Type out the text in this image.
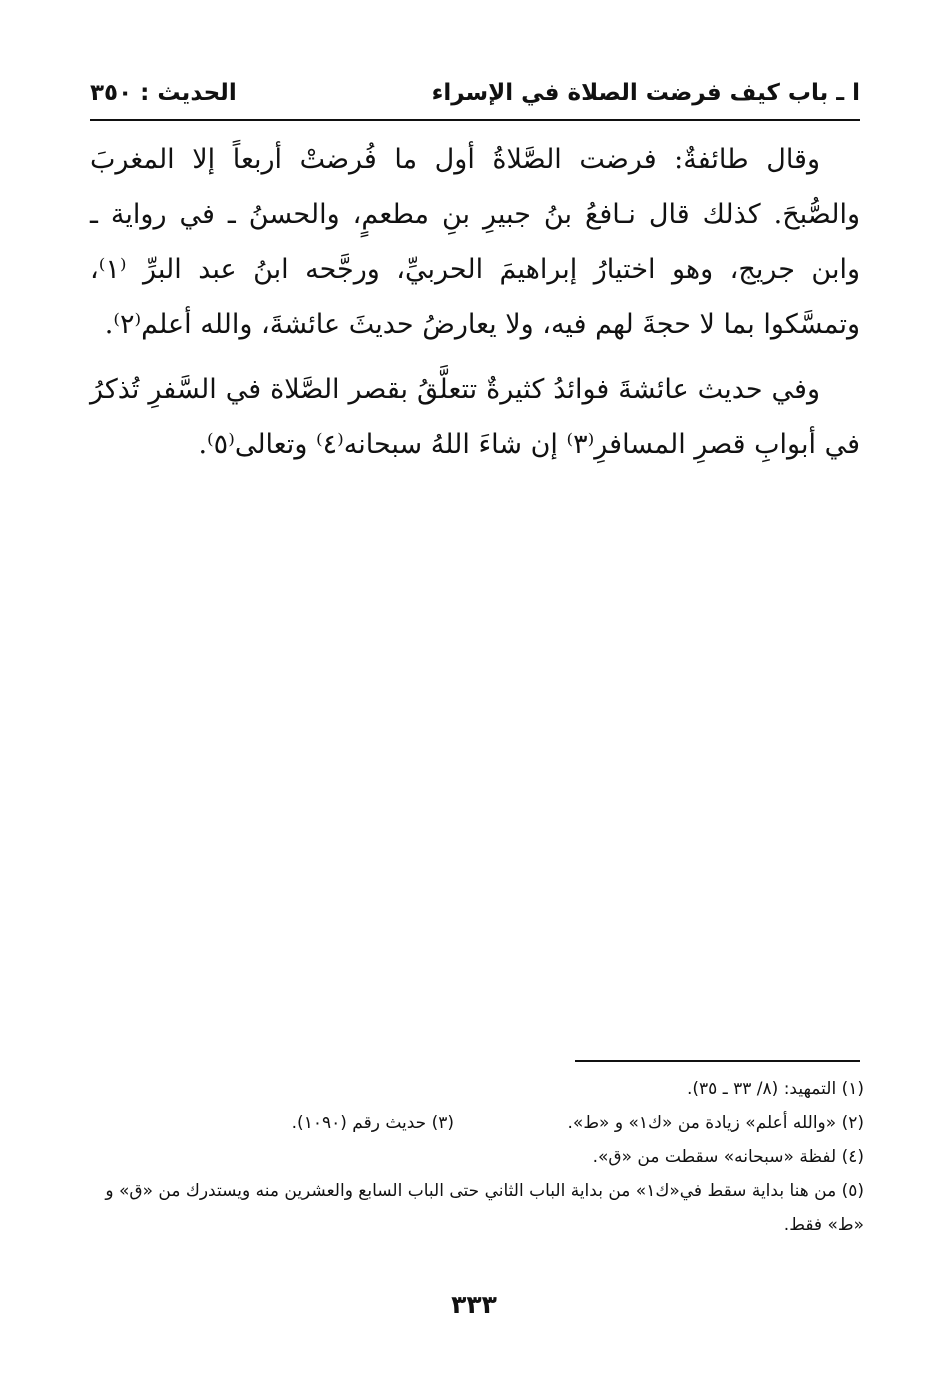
ا ـ باب كيف فرضت الصلاة في الإسراء
الحديث : ٣٥٠

وقال طائفةٌ: فرضت الصَّلاةُ أول ما فُرضتْ أربعاً إلا المغربَ والصُّبحَ. كذلك قال نـافعُ بنُ جبيرِ بنِ مطعمٍ، والحسنُ ـ في رواية ـ وابن جريج، وهو اختيارُ إبراهيمَ الحربيِّ، ورجَّحه ابنُ عبد البرِّ ⁽١⁾، وتمسَّكوا بما لا حجةَ لهم فيه، ولا يعارضُ حديثَ عائشةَ، والله أعلم⁽٢⁾.

وفي حديث عائشةَ فوائدُ كثيرةٌ تتعلَّقُ بقصر الصَّلاة في السَّفرِ تُذكرُ في أبوابِ قصرِ المسافرِ⁽٣⁾ إن شاءَ اللهُ سبحانه⁽٤⁾ وتعالى⁽٥⁾.

(١) التمهيد: (٨/ ٣٣ ـ ٣٥).
(٢) «والله أعلم» زيادة من «ك١» و «ط».
(٣) حديث رقم (١٠٩٠).
(٤) لفظة «سبحانه» سقطت من «ق».
(٥) من هنا بداية سقط في«ك١» من بداية الباب الثاني حتى الباب السابع والعشرين منه ويستدرك من «ق» و «ط» فقط.
٣٣٣
